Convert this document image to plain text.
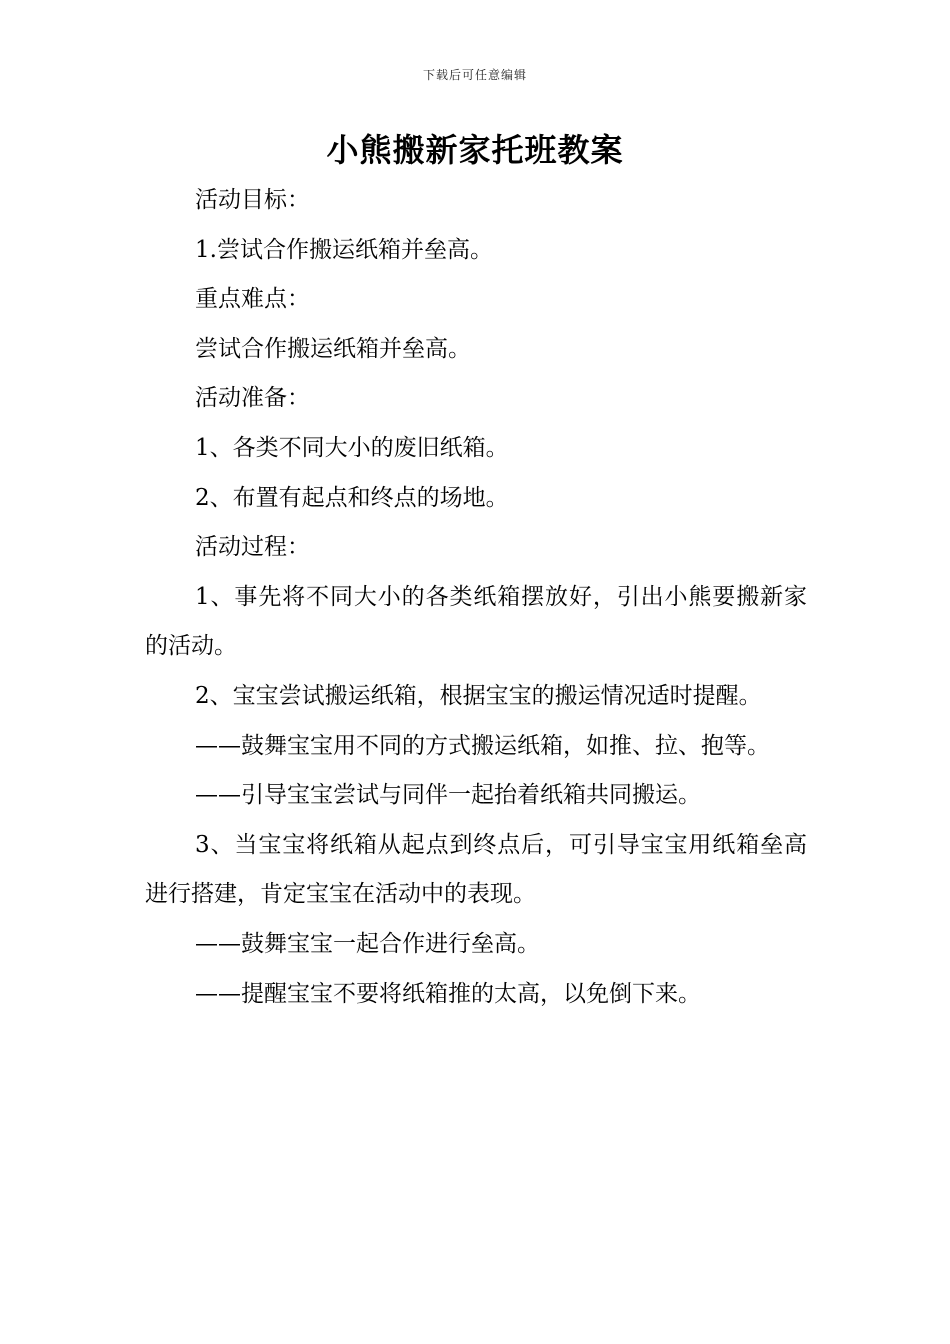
下载后可任意编辑
小熊搬新家托班教案

活动目标：

1.尝试合作搬运纸箱并垒高。

重点难点：

尝试合作搬运纸箱并垒高。

活动准备：

1、各类不同大小的废旧纸箱。

2、布置有起点和终点的场地。

活动过程：

1、事先将不同大小的各类纸箱摆放好，引出小熊要搬新家的活动。

2、宝宝尝试搬运纸箱，根据宝宝的搬运情况适时提醒。

——鼓舞宝宝用不同的方式搬运纸箱，如推、拉、抱等。

——引导宝宝尝试与同伴一起抬着纸箱共同搬运。

3、当宝宝将纸箱从起点到终点后，可引导宝宝用纸箱垒高进行搭建，肯定宝宝在活动中的表现。

——鼓舞宝宝一起合作进行垒高。

——提醒宝宝不要将纸箱推的太高，以免倒下来。
